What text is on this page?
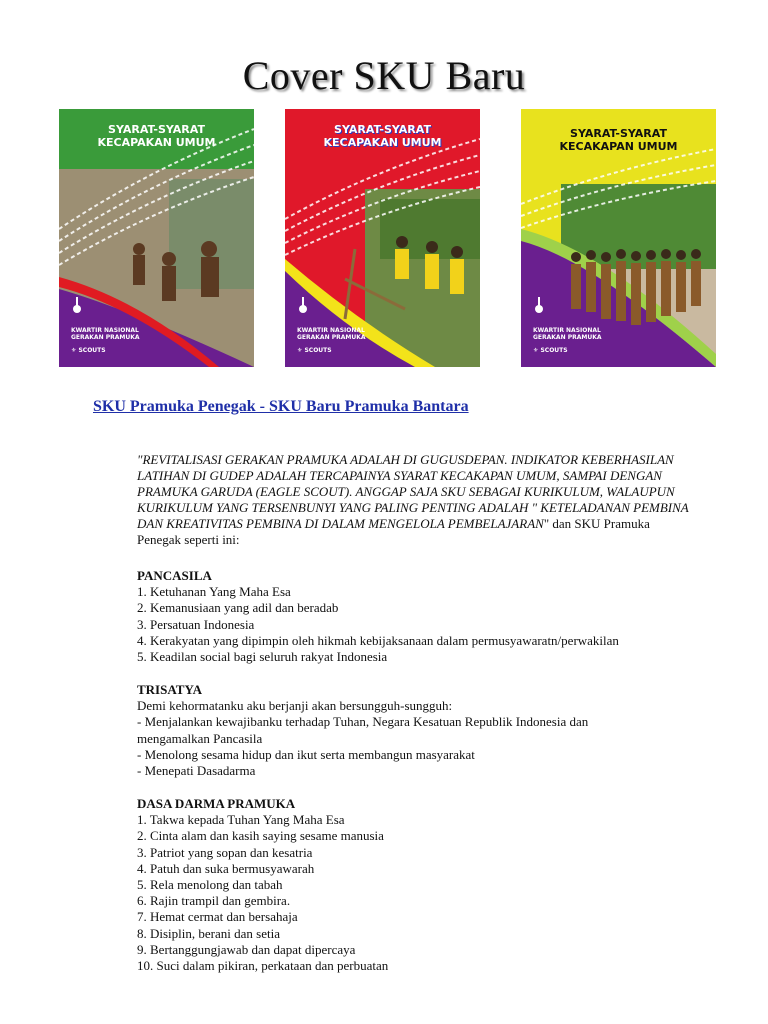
Cover SKU Baru
SYARAT-SYARAT
KECAPAKAN UMUM
KWARTIR NASIONAL
GERAKAN PRAMUKA
⚜ SCOUTS
SYARAT-SYARAT
KECAPAKAN UMUM
KWARTIR NASIONAL
GERAKAN PRAMUKA
⚜ SCOUTS
SYARAT-SYARAT
KECAKAPAN UMUM
KWARTIR NASIONAL
GERAKAN PRAMUKA
⚜ SCOUTS
SKU Pramuka Penegak - SKU Baru Pramuka Bantara
"REVITALISASI GERAKAN PRAMUKA ADALAH DI GUGUSDEPAN. INDIKATOR KEBERHASILAN LATIHAN DI GUDEP ADALAH TERCAPAINYA SYARAT KECAKAPAN UMUM, SAMPAI DENGAN PRAMUKA GARUDA (EAGLE SCOUT). ANGGAP SAJA SKU SEBAGAI KURIKULUM, WALAUPUN KURIKULUM YANG TERSENBUNYI YANG PALING PENTING ADALAH " KETELADANAN PEMBINA DAN KREATIVITAS PEMBINA DI DALAM MENGELOLA PEMBELAJARAN" dan SKU Pramuka Penegak seperti ini:
PANCASILA
1. Ketuhanan Yang Maha Esa
2. Kemanusiaan yang adil dan beradab
3. Persatuan Indonesia
4. Kerakyatan yang dipimpin oleh hikmah kebijaksanaan dalam permusyawaratn/perwakilan
5. Keadilan social bagi seluruh rakyat Indonesia
TRISATYA
Demi kehormatanku aku berjanji akan bersungguh-sungguh:
- Menjalankan kewajibanku terhadap Tuhan, Negara Kesatuan Republik Indonesia dan
mengamalkan Pancasila
- Menolong sesama hidup dan ikut serta membangun masyarakat
- Menepati Dasadarma
DASA DARMA PRAMUKA
1. Takwa kepada Tuhan Yang Maha Esa
2. Cinta alam dan kasih saying sesame manusia
3. Patriot yang sopan dan kesatria
4. Patuh dan suka bermusyawarah
5. Rela menolong dan tabah
6. Rajin trampil dan gembira.
7. Hemat cermat dan bersahaja
8. Disiplin, berani dan setia
9. Bertanggungjawab dan dapat dipercaya
10. Suci dalam pikiran, perkataan dan perbuatan
